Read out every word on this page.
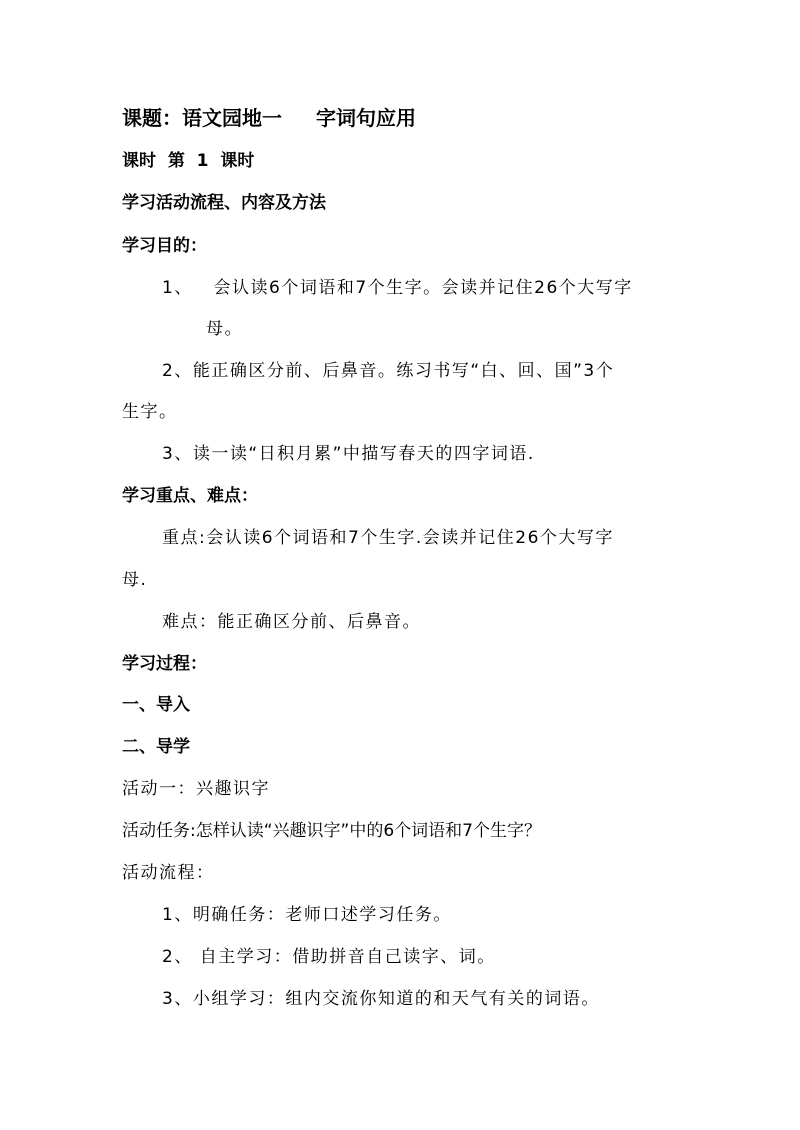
课题：语文园地一 字词句应用
课时  第  1  课时
学习活动流程、内容及方法
学习目的：
1、   会认读6个词语和7个生字。会读并记住26个大写字
母。
2、能正确区分前、后鼻音。练习书写“白、回、国”3个
生字。
3、读一读“日积月累”中描写春天的四字词语.
学习重点、难点：
重点:会认读6个词语和7个生字.会读并记住26个大写字
母.
难点：能正确区分前、后鼻音。
学习过程：
一、导入
二、导学
活动一：兴趣识字
活动任务:怎样认读“兴趣识字”中的6个词语和7个生字？
活动流程：
1、明确任务：老师口述学习任务。
2、 自主学习：借助拼音自己读字、词。
3、小组学习：组内交流你知道的和天气有关的词语。
